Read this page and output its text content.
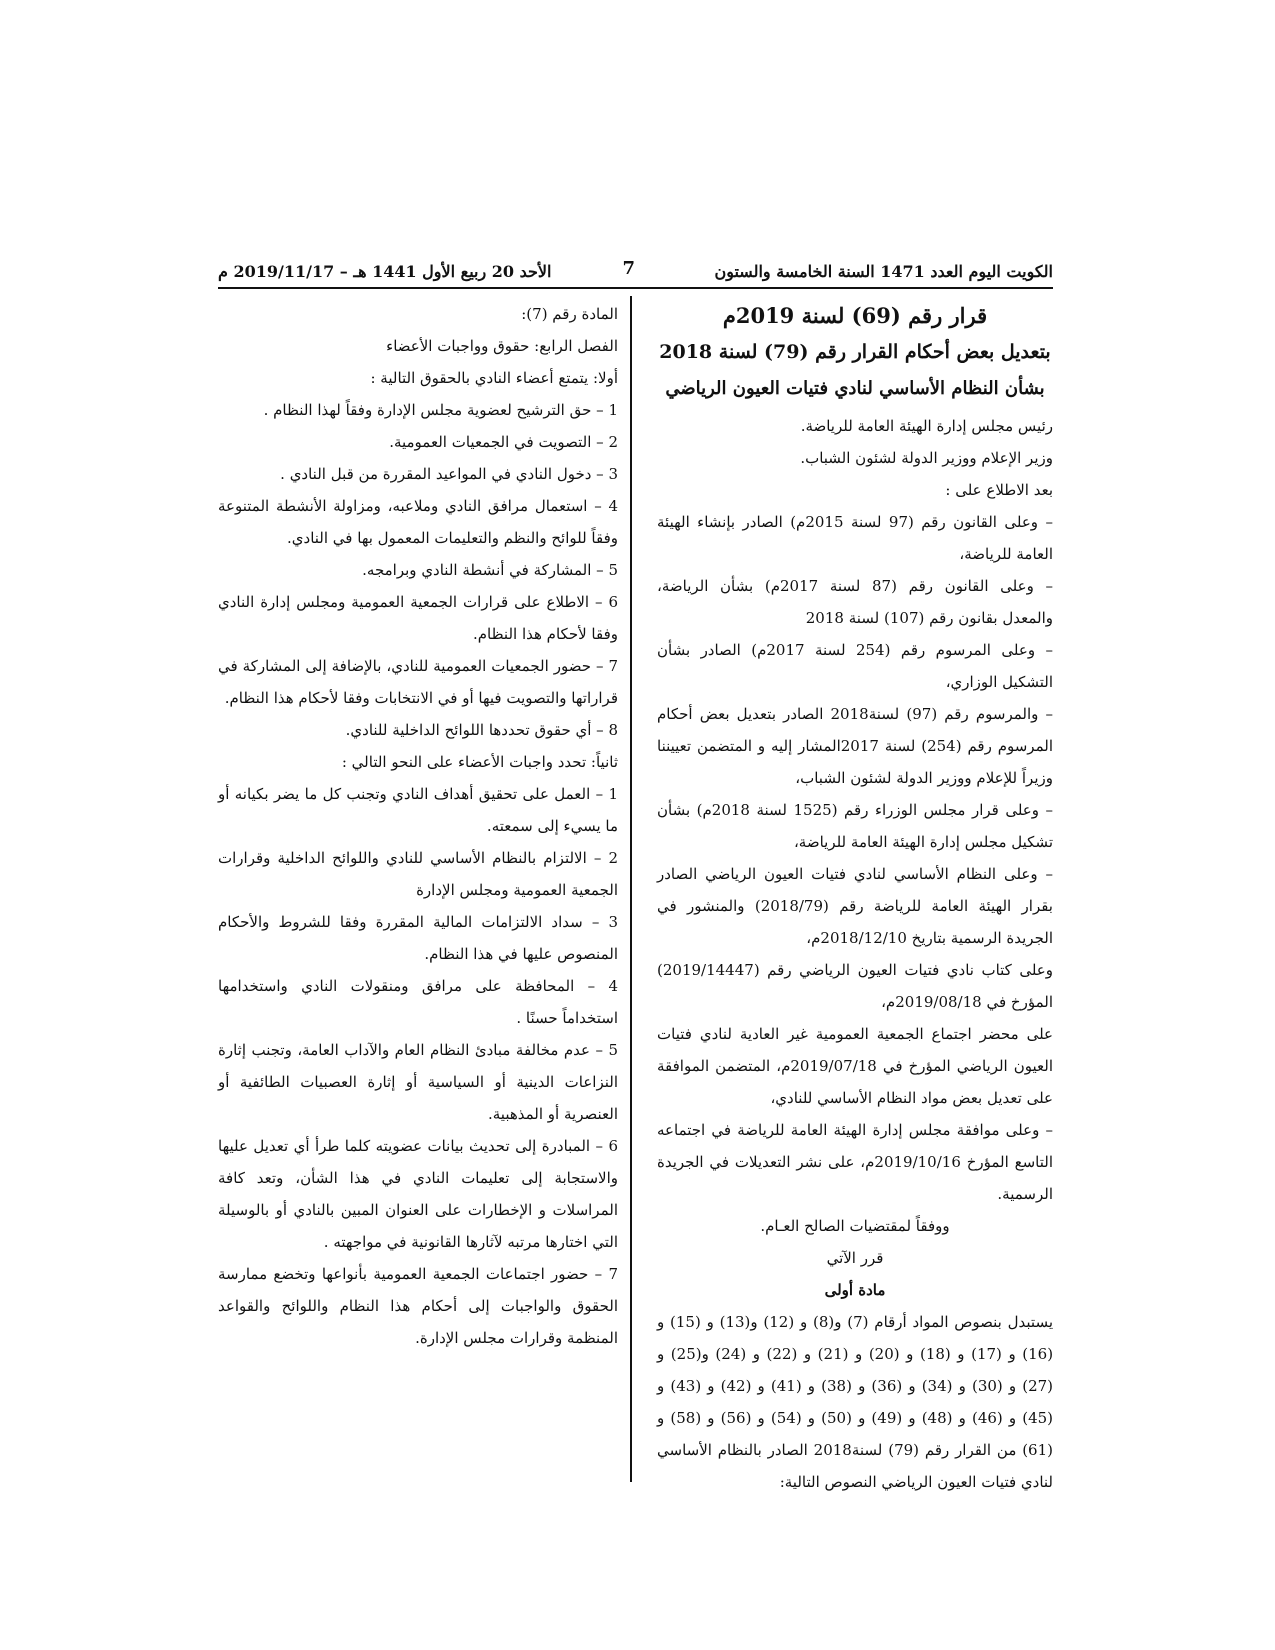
الكويت اليوم العدد 1471 السنة الخامسة والستون
7
الأحد 20 ربيع الأول 1441 هـ – 2019/11/17 م

قرار رقم (69) لسنة 2019م

بتعديل بعض أحكام القرار رقم (79) لسنة 2018

بشأن النظام الأساسي لنادي فتيات العيون الرياضي

رئيس مجلس إدارة الهيئة العامة للرياضة.

وزير الإعلام ووزير الدولة لشئون الشباب.

بعد الاطلاع على :

– وعلى القانون رقم (97 لسنة 2015م) الصادر بإنشاء الهيئة العامة للرياضة،

– وعلى القانون رقم (87 لسنة 2017م) بشأن الرياضة، والمعدل بقانون رقم (107) لسنة 2018

– وعلى المرسوم رقم (254 لسنة 2017م) الصادر بشأن التشكيل الوزاري،

– والمرسوم رقم (97) لسنة2018 الصادر بتعديل بعض أحكام المرسوم رقم (254) لسنة 2017المشار إليه و المتضمن تعييننا وزيراً للإعلام ووزير الدولة لشئون الشباب،

– وعلى قرار مجلس الوزراء رقم (1525 لسنة 2018م) بشأن تشكيل مجلس إدارة الهيئة العامة للرياضة،

– وعلى النظام الأساسي لنادي فتيات العيون الرياضي الصادر بقرار الهيئة العامة للرياضة رقم (2018/79) والمنشور في الجريدة الرسمية بتاريخ 2018/12/10م،

وعلى كتاب نادي فتيات العيون الرياضي رقم (2019/14447) المؤرخ في 2019/08/18م،

على محضر اجتماع الجمعية العمومية غير العادية لنادي فتيات العيون الرياضي المؤرخ في 2019/07/18م، المتضمن الموافقة على تعديل بعض مواد النظام الأساسي للنادي،

– وعلى موافقة مجلس إدارة الهيئة العامة للرياضة في اجتماعه التاسع المؤرخ 2019/10/16م، على نشر التعديلات في الجريدة الرسمية.

ووفقاً لمقتضيات الصالح العـام.

قرر الآتي

مادة أولى

يستبدل بنصوص المواد أرقام (7) و(8) و (12) و(13) و (15) و (16) و (17) و (18) و (20) و (21) و (22) و (24) و(25) و (27) و (30) و (34) و (36) و (38) و (41) و (42) و (43) و (45) و (46) و (48) و (49) و (50) و (54) و (56) و (58) و (61) من القرار رقم (79) لسنة2018 الصادر بالنظام الأساسي لنادي فتيات العيون الرياضي النصوص التالية:

المادة رقم (7):

الفصل الرابع: حقوق وواجبات الأعضاء

أولا: يتمتع أعضاء النادي بالحقوق التالية :

1 – حق الترشيح لعضوية مجلس الإدارة وفقاً لهذا النظام .

2 – التصويت في الجمعيات العمومية.

3 – دخول النادي في المواعيد المقررة من قبل النادي .

4 – استعمال مرافق النادي وملاعبه، ومزاولة الأنشطة المتنوعة وفقاً للوائح والنظم والتعليمات المعمول بها في النادي.

5 – المشاركة في أنشطة النادي وبرامجه.

6 – الاطلاع على قرارات الجمعية العمومية ومجلس إدارة النادي وفقا لأحكام هذا النظام.

7 – حضور الجمعيات العمومية للنادي، بالإضافة إلى المشاركة في قراراتها والتصويت فيها أو في الانتخابات وفقا لأحكام هذا النظام.

8 – أي حقوق تحددها اللوائح الداخلية للنادي.

ثانياً: تحدد واجبات الأعضاء على النحو التالي :

1 – العمل على تحقيق أهداف النادي وتجنب كل ما يضر بكيانه أو ما يسيء إلى سمعته.

2 – الالتزام بالنظام الأساسي للنادي واللوائح الداخلية وقرارات الجمعية العمومية ومجلس الإدارة

3 – سداد الالتزامات المالية المقررة وفقا للشروط والأحكام المنصوص عليها في هذا النظام.

4 – المحافظة على مرافق ومنقولات النادي واستخدامها استخداماً حسنًا .

5 – عدم مخالفة مبادئ النظام العام والآداب العامة، وتجنب إثارة النزاعات الدينية أو السياسية أو إثارة العصبيات الطائفية أو العنصرية أو المذهبية.

6 – المبادرة إلى تحديث بيانات عضويته كلما طرأ أي تعديل عليها والاستجابة إلى تعليمات النادي في هذا الشأن، وتعد كافة المراسلات و الإخطارات على العنوان المبين بالنادي أو بالوسيلة التي اختارها مرتبه لآثارها القانونية في مواجهته .

7 – حضور اجتماعات الجمعية العمومية بأنواعها وتخضع ممارسة الحقوق والواجبات إلى أحكام هذا النظام واللوائح والقواعد المنظمة وقرارات مجلس الإدارة.
